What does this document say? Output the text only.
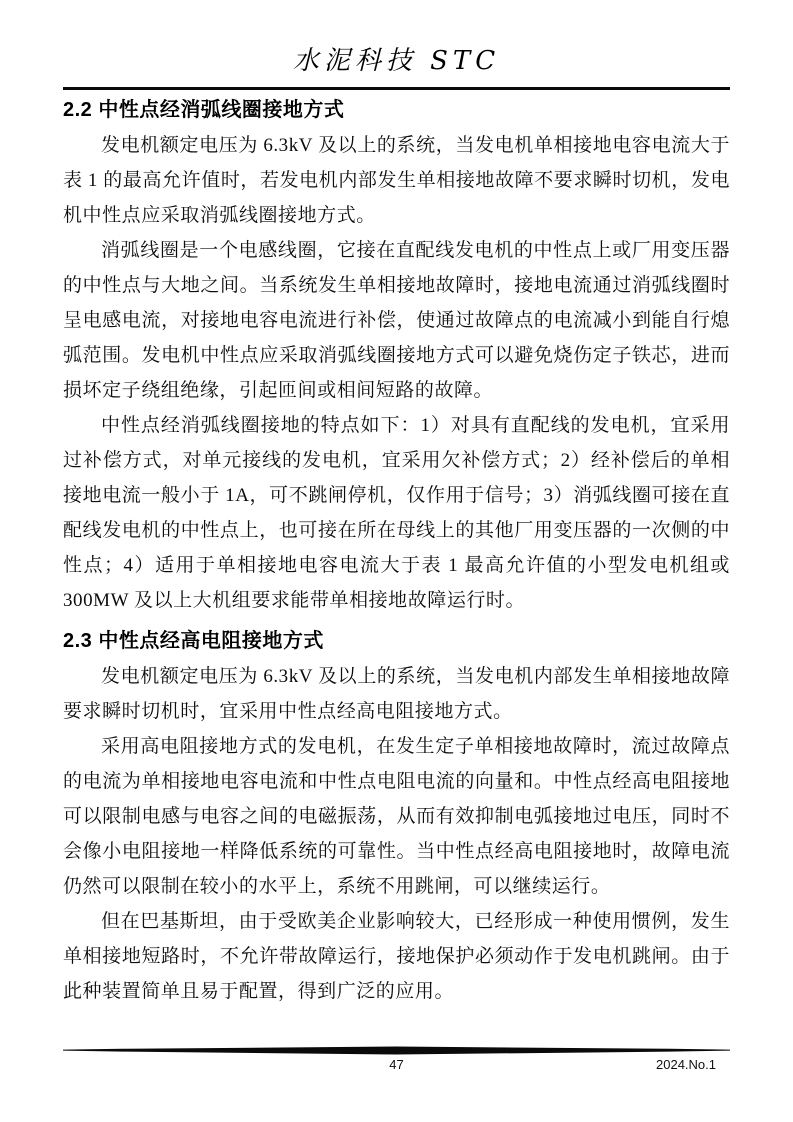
水泥科技 STC
2.2 中性点经消弧线圈接地方式

发电机额定电压为 6.3kV 及以上的系统，当发电机单相接地电容电流大于表 1 的最高允许值时，若发电机内部发生单相接地故障不要求瞬时切机，发电机中性点应采取消弧线圈接地方式。

消弧线圈是一个电感线圈，它接在直配线发电机的中性点上或厂用变压器的中性点与大地之间。当系统发生单相接地故障时，接地电流通过消弧线圈时呈电感电流，对接地电容电流进行补偿，使通过故障点的电流减小到能自行熄弧范围。发电机中性点应采取消弧线圈接地方式可以避免烧伤定子铁芯，进而损坏定子绕组绝缘，引起匝间或相间短路的故障。

中性点经消弧线圈接地的特点如下：1）对具有直配线的发电机，宜采用过补偿方式，对单元接线的发电机，宜采用欠补偿方式；2）经补偿后的单相接地电流一般小于 1A，可不跳闸停机，仅作用于信号；3）消弧线圈可接在直配线发电机的中性点上，也可接在所在母线上的其他厂用变压器的一次侧的中性点；4）适用于单相接地电容电流大于表 1 最高允许值的小型发电机组或 300MW 及以上大机组要求能带单相接地故障运行时。

2.3 中性点经高电阻接地方式

发电机额定电压为 6.3kV 及以上的系统，当发电机内部发生单相接地故障要求瞬时切机时，宜采用中性点经高电阻接地方式。

采用高电阻接地方式的发电机，在发生定子单相接地故障时，流过故障点的电流为单相接地电容电流和中性点电阻电流的向量和。中性点经高电阻接地可以限制电感与电容之间的电磁振荡，从而有效抑制电弧接地过电压，同时不会像小电阻接地一样降低系统的可靠性。当中性点经高电阻接地时，故障电流仍然可以限制在较小的水平上，系统不用跳闸，可以继续运行。

但在巴基斯坦，由于受欧美企业影响较大，已经形成一种使用惯例，发生单相接地短路时，不允许带故障运行，接地保护必须动作于发电机跳闸。由于此种装置简单且易于配置，得到广泛的应用。

47	2024.No.1
